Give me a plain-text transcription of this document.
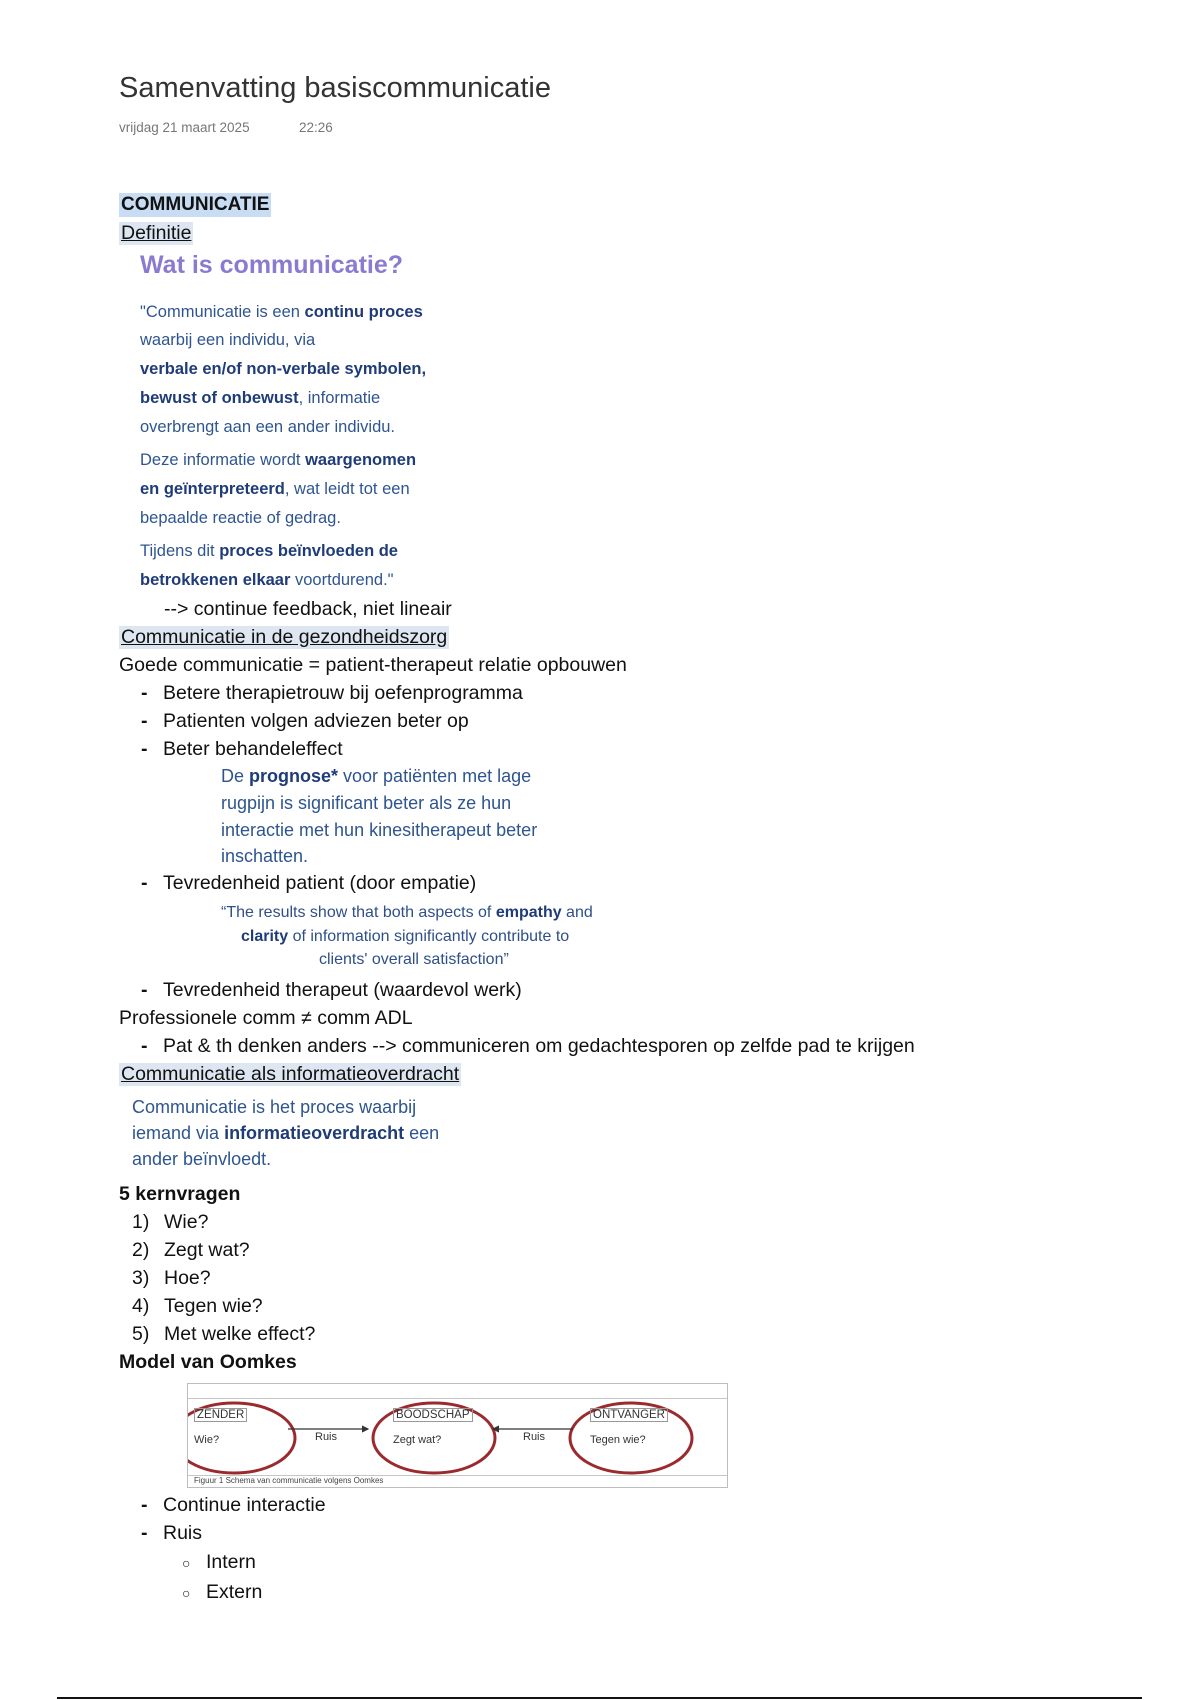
Samenvatting basiscommunicatie
vrijdag 21 maart 2025	22:26
COMMUNICATIE
Definitie
Wat is communicatie?
"Communicatie is een continu proces
waarbij een individu, via
verbale en/of non-verbale symbolen,
bewust of onbewust, informatie
overbrengt aan een ander individu.
Deze informatie wordt waargenomen
en geïnterpreteerd, wat leidt tot een
bepaalde reactie of gedrag.
Tijdens dit proces beïnvloeden de
betrokkenen elkaar voortdurend."
--> continue feedback, niet lineair
Communicatie in de gezondheidszorg
Goede communicatie = patient-therapeut relatie opbouwen
- Betere therapietrouw bij oefenprogramma
- Patienten volgen adviezen beter op
- Beter behandeleffect
De prognose* voor patiënten met lage
rugpijn is significant beter als ze hun
interactie met hun kinesitherapeut beter
inschatten.
- Tevredenheid patient (door empatie)
“The results show that both aspects of empathy and
clarity of information significantly contribute to
clients' overall satisfaction”
- Tevredenheid therapeut (waardevol werk)
Professionele comm ≠ comm ADL
- Pat & th denken anders --> communiceren om gedachtesporen op zelfde pad te krijgen
Communicatie als informatieoverdracht
Communicatie is het proces waarbij
iemand via informatieoverdracht een
ander beïnvloedt.
5 kernvragen
1) Wie?
2) Zegt wat?
3) Hoe?
4) Tegen wie?
5) Met welke effect?
Model van Oomkes
ZENDER
Wie?
BOODSCHAP
Zegt wat?
ONTVANGER
Tegen wie?
Ruis	Ruis
Figuur 1 Schema van communicatie volgens Oomkes
- Continue interactie
- Ruis
○ Intern
○ Extern
